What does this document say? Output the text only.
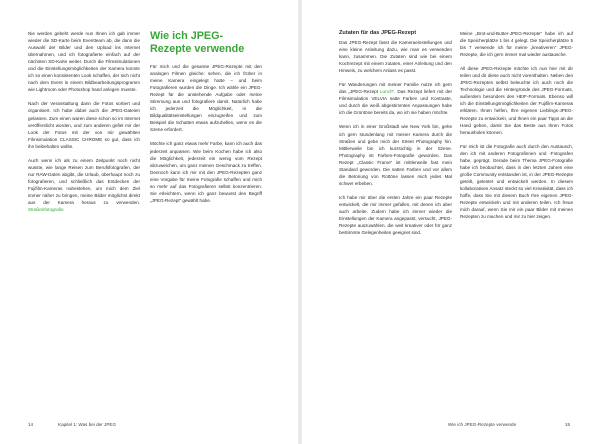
Nie werden gebeht werde nun Ihnen ich gab immer wieder die SD-Karte beim Eventteam ab, die dann die Auswahl der Bilder und den Upload ins Internet übernahmen, und ich fotografierte einfach auf der nächsten SD-Karte weiter. Durch die Filmsimulationen und die Einstellungsmöglichkeiten der Kamera konnte ich so einen konsistenten Look schaffen, der sich nicht nach dem Event in einem Bildbearbeitungsprogramm wie Lightroom oder Photoshop hand anlegen musste.

Nach der Veranstaltung dann die Fotos sortiert und organisiert. Ich habe dabei auch die JPEG-Dateien gelassen. Zum einen waren diese schon so im Internet veröffentlicht worden, und zum anderen gefiel mir der Look der Fotos mit der von mir gewählten Filmsimulation CLASSIC CHROME so gut, dass ich ihn beibehalten wollte.

Auch wenn ich als zu einem Zeitpunkt noch nicht wusste, wie lange Reisen zum Berufsfotografen, der nur RAW-Daten abgibt, die Urlaub, überhaupt noch zu fotografieren, und schließlich das Entdecken der Fujifilm-Kameras nahestehen, um mich dem Ziel immer näher zu bringen, meine Bilder möglichst direkt aus der Kamera heraus zu verwenden. Straßenfotografie

Wie ich JPEG-Rezepte verwende

Für mich und die gesamte JPEG-Rezepte mit den analogen Filmen gleiche: sehen, die ich früher in meine Kamera eingelegt hatte – und beim Fotografieren wurden die Dinge. Ich wähle ein JPEG-Rezept für die anstehende Aufgabe oder meine Stimmung aus und fotografiere damit. Natürlich habe ich jederzeit die Möglichkeit, in die Bildqualitätseinstellungen einzugreifen und zum Beispiel die Schatten etwas aufzuhellen, wenn es die Szene erfordert.

Möchte ich ganz etwas mehr Farbe, kann ich auch das jederzeit anpassen. Wie beim Kochen habe ich also die Möglichkeit, jederzeit ein wenig vom Rezept abzuweichen, um ganz meinen Geschmack zu treffen. Dennoch kann ich mir mit den JPEG-Rezepten ganz eine Vorgabe für meine Fotografie schaffen und mich so mehr auf das Fotografieren selbst konzentrieren. Sie erleichtern, wenn ich ganz bewusst den Begriff „JPEG-Rezept“ gewählt habe.

Zutaten für das JPEG-Rezept

Das JPEG-Rezept fasst die Kameraeinstellungen und eine kleine Anleitung dazu, wie man es verwenden kann, zusammen. Die Zutaten sind wie bei einem Kochrezept mit einem zutaten, einer Anleitung und den Hinweis, zu welchem Anlass es passt.

Für Wanderungen mit meiner Familie nutze ich gern das „JPEG-Rezept Lunch“. Das Rezept liefert mit der Filmsimulation VELVIA satte Farben und Kontraste, und durch die weiß abgestimmten Anpassungen habe ich die Grüntöne bereits da, wo ich sie haben möchte.

Wenn ich in einer Großstadt wie New York bin, gehe ich gern stundenlang mit meiner Kamera durch die Straßen und gebe mich der Street Photography hin. Mittlerweile bin ich kurzsichtig in der Szene. Photography ist Farben-Fotografie geworden. Das Rezept „Classic Frame“ ist mittlerweile fast mein Standard geworden. Die satten Farben und vor allem die Betonung von Rottöne lassen mich jedes Mal schwer erbeben.

Ich habe mir über die ersten Jahre ein paar Rezepte entwickelt, die mir immer gefallen, mit denen ich aber auch arbeite. Zudem habe ich immer wieder die Einstellungen der Kamera angepasst, versucht, JPEG-Rezepte auszuwählen, die weit kreativer oder für ganz bestimmte Gelegenheiten geeignet sind.

Meine „Brot-und-Butter-JPEG-Rezepte“ habe ich auf die Speicherplätze 1 bis 4 gelegt. Die Speicherplätze 5 bis 7 verwende ich für meine „kreativeren“ JPEG-Rezepte, die ich gern immer mal wieder austausche.

All diese JPEG-Rezepte möchte ich nun hier mit dir teilen und dir diese auch nicht vorenthalten. Neben den JPEG-Rezepten selbst beleuchte ich auch noch die Technologie und die Hintergründe des JPEG-Formats, außerdem besonders des HEIF-Formats. Ebenso will ich die Einstellungsmöglichkeiten der Fujifilm-Kameras erklären. Ihnen helfen, Ihre eigenen Lieblings-JPEG-Rezepte zu entwickeln, und Ihnen ein paar Tipps an die Hand geben, damit Sie das Beste aus Ihren Fotos herausholen können.

Für mich ist die Fotografie auch durch den Austausch, den ich mit anderen Fotografinnen und -Fotografen habe, geprägt. Gerade beim Thema JPEG-Fotografie habe ich beobachtet, dass in den letzten Jahren eine große Community entstanden ist, in der JPEG-Rezepte geteilt, getestet und entwickelt werden. In diesem kollaborativen Ansatz steckt so viel Kreativität, dass ich hoffe, dass Sie mit diesem Buch Ihre eigenen JPEG-Rezepte entwickeln und mit anderen teilen. Ich freue mich darauf, wenn Sie mir ein paar Bilder mit meinen Rezepten zu machen und mir zu hier zeigen.

14	Kapitel 1: Was bei der JPEG	Wie ich JPEG-Rezepte verwende	15
